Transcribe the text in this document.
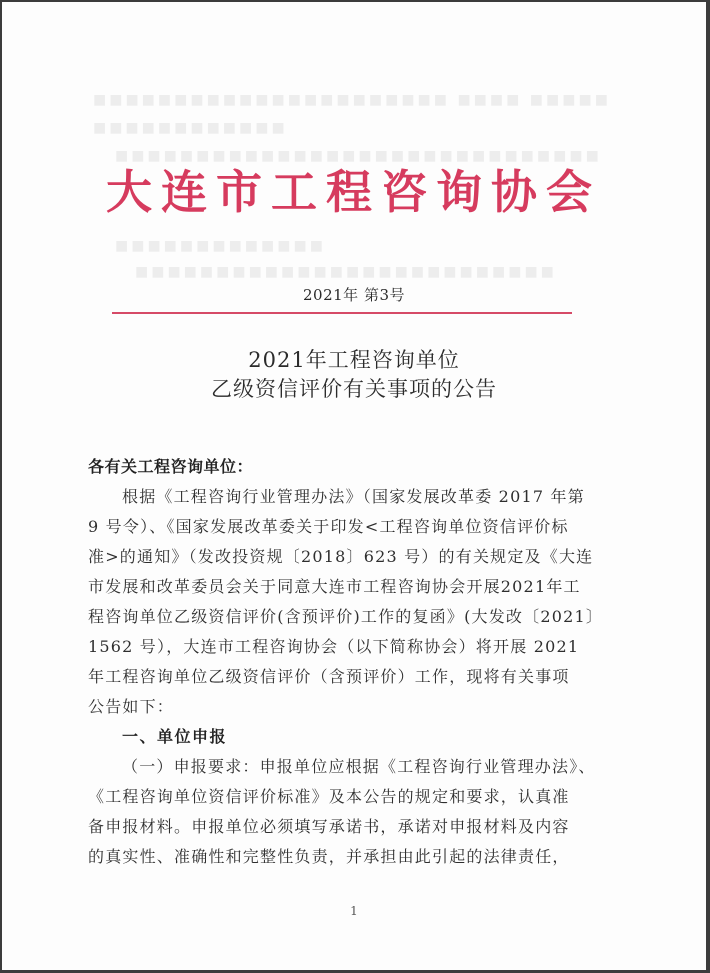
■■■■■ ■■■■ ■■■■■■■■■■■■■■■■■■■■■■
■■■■■■■■■■■■
■■■■■■■■■■■■■■■■■■■■■■■■■■■■■■
■■■■■■■■■■■■■
■■■■■■■■■■■■■■■■■■■■■■■■■■
大连市工程咨询协会
2021年 第3号
2021年工程咨询单位
乙级资信评价有关事项的公告
各有关工程咨询单位：
根据《工程咨询行业管理办法》（国家发展改革委 2017 年第
9 号令）、《国家发展改革委关于印发<工程咨询单位资信评价标
准>的通知》（发改投资规〔2018〕623 号）的有关规定及《大连
市发展和改革委员会关于同意大连市工程咨询协会开展2021年工
程咨询单位乙级资信评价(含预评价)工作的复函》(大发改〔2021〕
1562 号），大连市工程咨询协会（以下简称协会）将开展 2021
年工程咨询单位乙级资信评价（含预评价）工作，现将有关事项
公告如下：
一、单位申报
（一）申报要求：申报单位应根据《工程咨询行业管理办法》、
《工程咨询单位资信评价标准》及本公告的规定和要求，认真准
备申报材料。申报单位必须填写承诺书，承诺对申报材料及内容
的真实性、准确性和完整性负责，并承担由此引起的法律责任，
1
